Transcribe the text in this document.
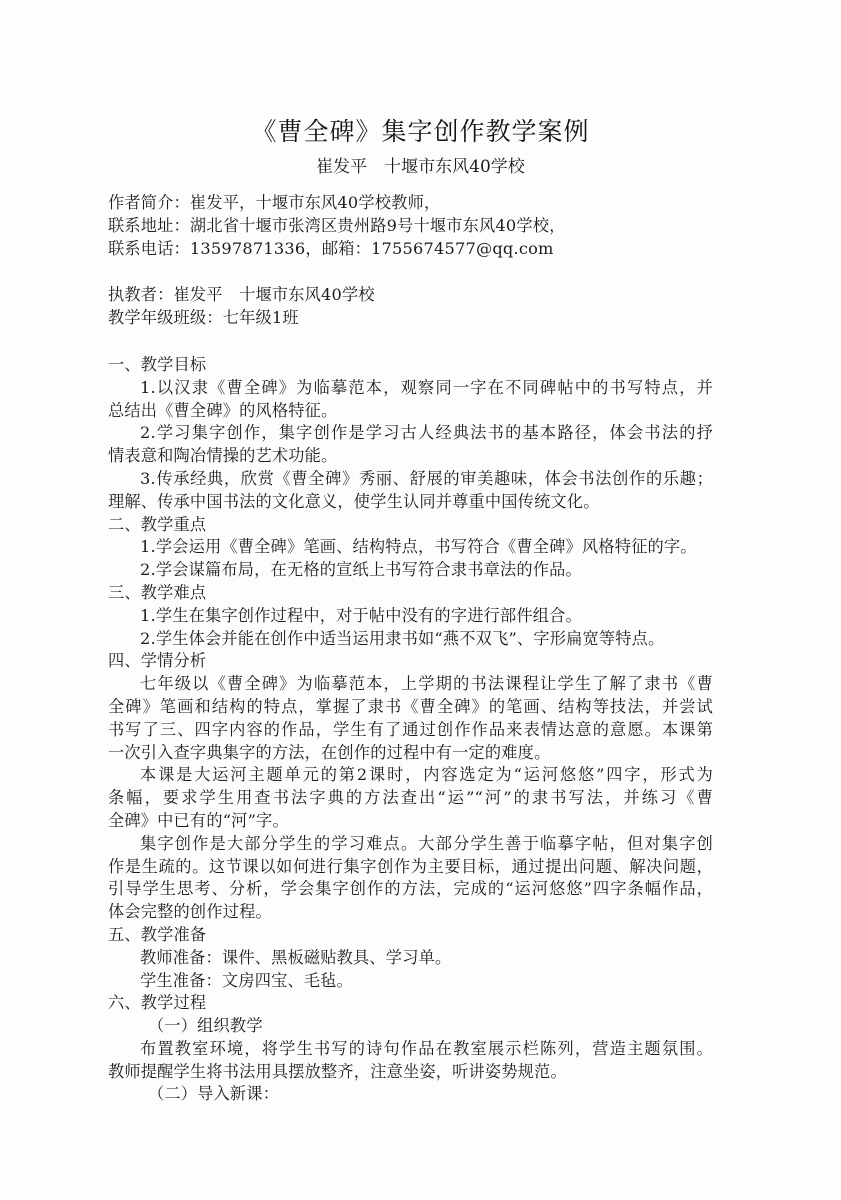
《曹全碑》集字创作教学案例
崔发平　十堰市东风40学校
作者简介：崔发平，十堰市东风40学校教师，
联系地址：湖北省十堰市张湾区贵州路9号十堰市东风40学校，
联系电话：13597871336，邮箱：1755674577@qq.com
执教者：崔发平　十堰市东风40学校
教学年级班级：七年级1班
一、教学目标
1.以汉隶《曹全碑》为临摹范本，观察同一字在不同碑帖中的书写特点，并
总结出《曹全碑》的风格特征。
2.学习集字创作，集字创作是学习古人经典法书的基本路径，体会书法的抒
情表意和陶冶情操的艺术功能。
3.传承经典，欣赏《曹全碑》秀丽、舒展的审美趣味，体会书法创作的乐趣；
理解、传承中国书法的文化意义，使学生认同并尊重中国传统文化。
二、教学重点
1.学会运用《曹全碑》笔画、结构特点，书写符合《曹全碑》风格特征的字。
2.学会谋篇布局，在无格的宣纸上书写符合隶书章法的作品。
三、教学难点
1.学生在集字创作过程中，对于帖中没有的字进行部件组合。
2.学生体会并能在创作中适当运用隶书如“燕不双飞”、字形扁宽等特点。
四、学情分析
七年级以《曹全碑》为临摹范本，上学期的书法课程让学生了解了隶书《曹
全碑》笔画和结构的特点，掌握了隶书《曹全碑》的笔画、结构等技法，并尝试
书写了三、四字内容的作品，学生有了通过创作作品来表情达意的意愿。本课第
一次引入查字典集字的方法，在创作的过程中有一定的难度。
本课是大运河主题单元的第2课时，内容选定为“运河悠悠”四字，形式为
条幅，要求学生用查书法字典的方法查出“运”“河”的隶书写法，并练习《曹
全碑》中已有的“河”字。
集字创作是大部分学生的学习难点。大部分学生善于临摹字帖，但对集字创
作是生疏的。这节课以如何进行集字创作为主要目标，通过提出问题、解决问题，
引导学生思考、分析，学会集字创作的方法，完成的“运河悠悠”四字条幅作品，
体会完整的创作过程。
五、教学准备
教师准备：课件、黑板磁贴教具、学习单。
学生准备：文房四宝、毛毡。
六、教学过程
（一）组织教学
布置教室环境，将学生书写的诗句作品在教室展示栏陈列，营造主题氛围。
教师提醒学生将书法用具摆放整齐，注意坐姿，听讲姿势规范。
（二）导入新课：
